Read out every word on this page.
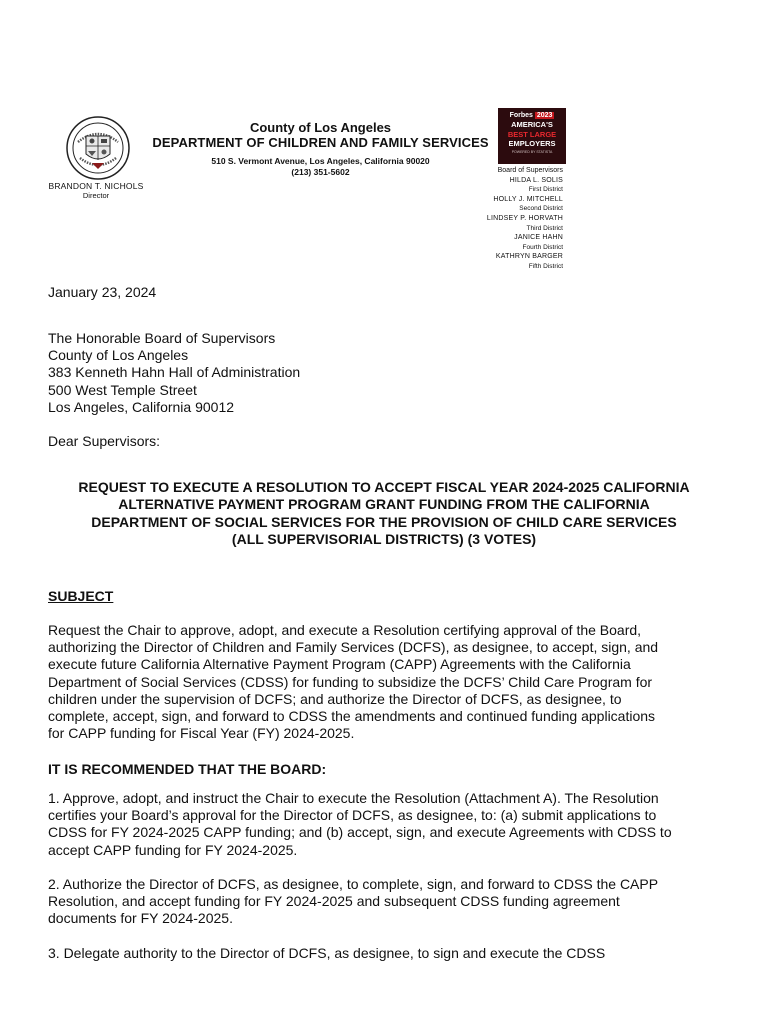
BRANDON T. NICHOLS
Director
County of Los Angeles
DEPARTMENT OF CHILDREN AND FAMILY SERVICES
510 S. Vermont Avenue, Los Angeles, California 90020
(213) 351-5602
Forbes 2023
AMERICA'S
BEST LARGE
EMPLOYERS
POWERED BY STATISTA
Board of Supervisors
HILDA L. SOLIS
First District
HOLLY J. MITCHELL
Second District
LINDSEY P. HORVATH
Third District
JANICE HAHN
Fourth District
KATHRYN BARGER
Fifth District
January 23, 2024
The Honorable Board of Supervisors
County of Los Angeles
383 Kenneth Hahn Hall of Administration
500 West Temple Street
Los Angeles, California 90012
Dear Supervisors:
REQUEST TO EXECUTE A RESOLUTION TO ACCEPT FISCAL YEAR 2024-2025 CALIFORNIA
ALTERNATIVE PAYMENT PROGRAM GRANT FUNDING FROM THE CALIFORNIA
DEPARTMENT OF SOCIAL SERVICES FOR THE PROVISION OF CHILD CARE SERVICES
(ALL SUPERVISORIAL DISTRICTS) (3 VOTES)
SUBJECT
Request the Chair to approve, adopt, and execute a Resolution certifying approval of the Board,
authorizing the Director of Children and Family Services (DCFS), as designee, to accept, sign, and
execute future California Alternative Payment Program (CAPP) Agreements with the California
Department of Social Services (CDSS) for funding to subsidize the DCFS’ Child Care Program for
children under the supervision of DCFS; and authorize the Director of DCFS, as designee, to
complete, accept, sign, and forward to CDSS the amendments and continued funding applications
for CAPP funding for Fiscal Year (FY) 2024-2025.
IT IS RECOMMENDED THAT THE BOARD:
1. Approve, adopt, and instruct the Chair to execute the Resolution (Attachment A). The Resolution
certifies your Board’s approval for the Director of DCFS, as designee, to: (a) submit applications to
CDSS for FY 2024-2025 CAPP funding; and (b) accept, sign, and execute Agreements with CDSS to
accept CAPP funding for FY 2024-2025.
2. Authorize the Director of DCFS, as designee, to complete, sign, and forward to CDSS the CAPP
Resolution, and accept funding for FY 2024-2025 and subsequent CDSS funding agreement
documents for FY 2024-2025.
3. Delegate authority to the Director of DCFS, as designee, to sign and execute the CDSS
